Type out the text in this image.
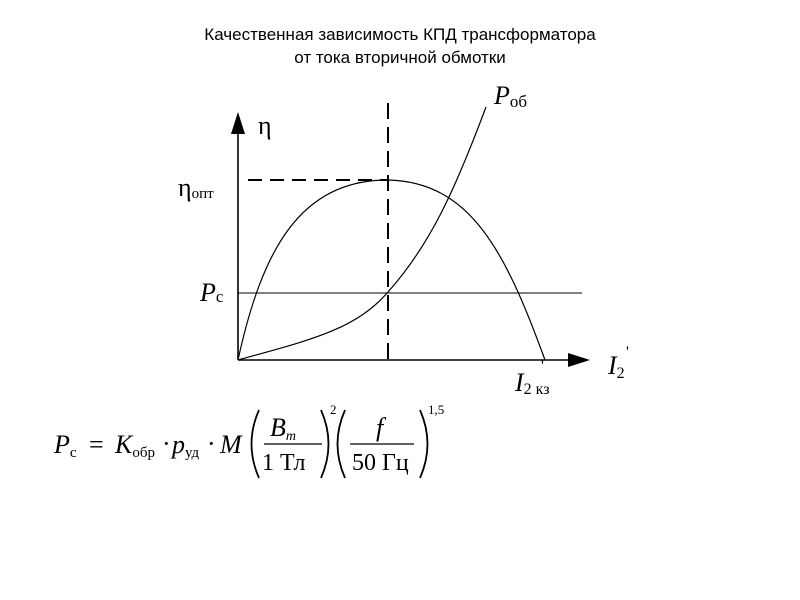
Качественная зависимость КПД трансформатора
от тока вторичной обмотки
η
ηопт
Pс
Pоб
I2
'
I2 кз
'
Pс = Kобр · pуд · M
Bm
1 Тл
2
f
50 Гц
1,5
